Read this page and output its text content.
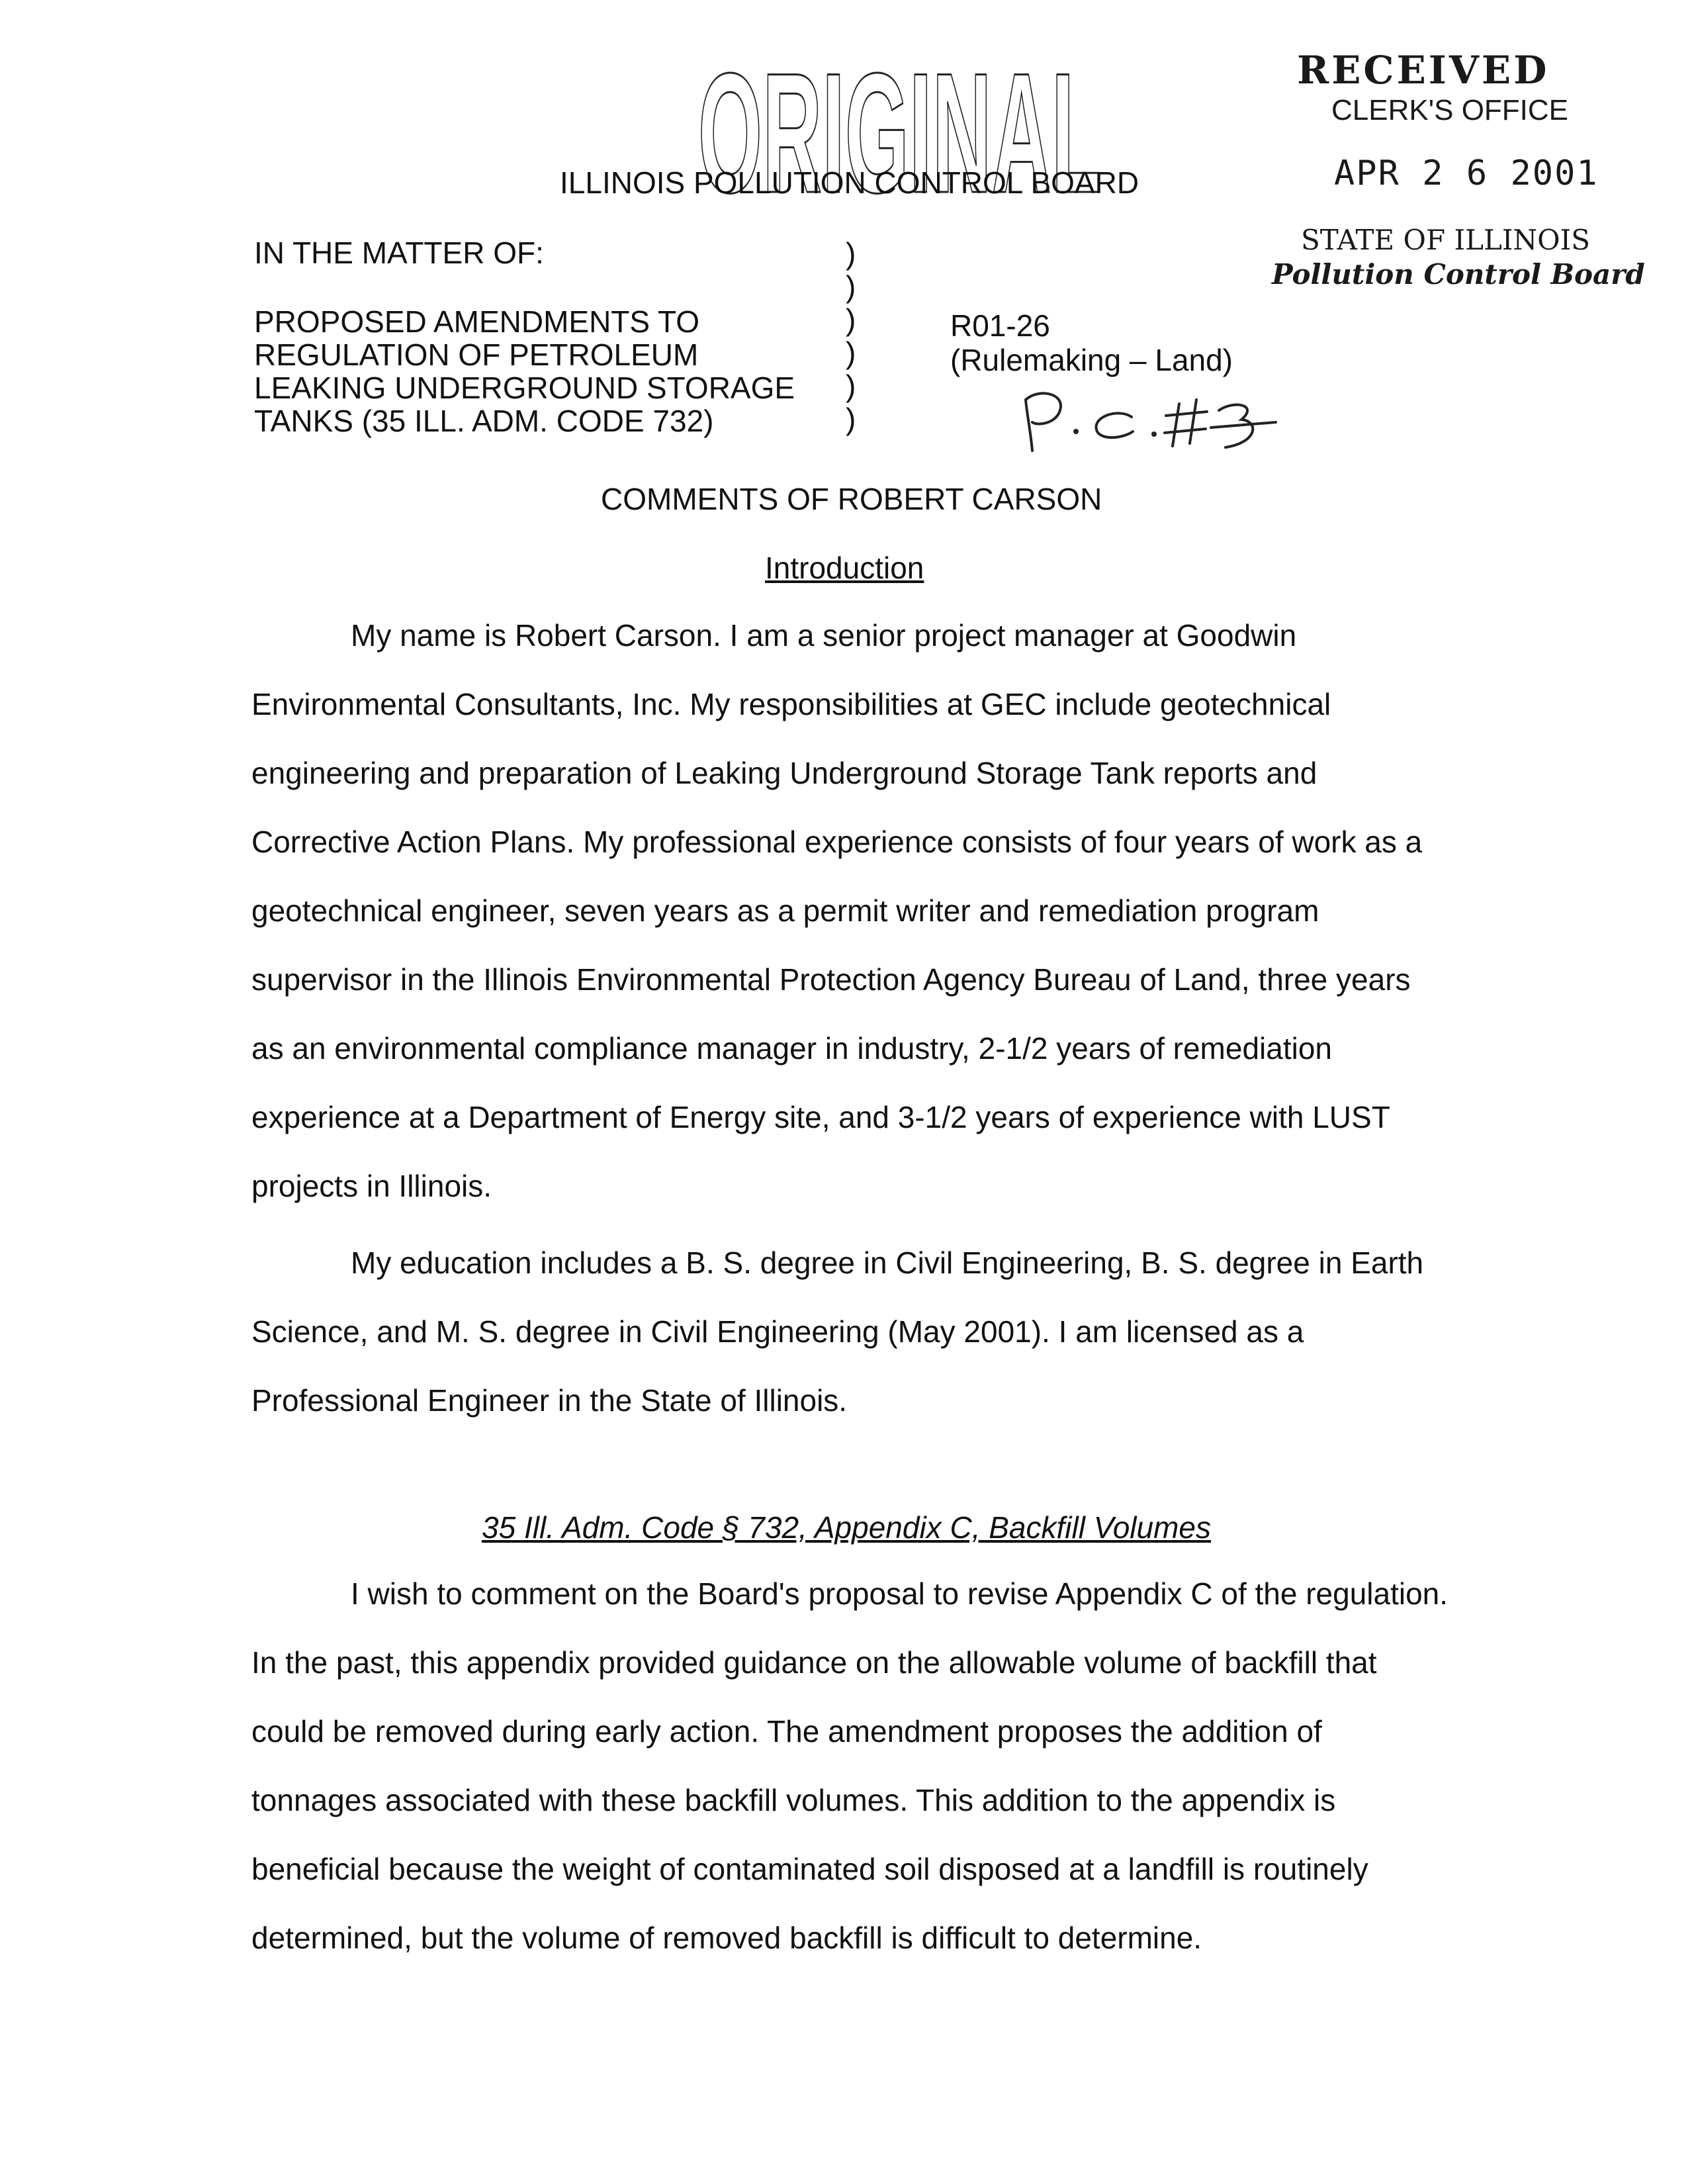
ORIGINAL
ILLINOIS POLLUTION CONTROL BOARD
RECEIVED
CLERK'S OFFICE
APR 2 6 2001
STATE OF ILLINOIS
Pollution Control Board
IN THE MATTER OF:
PROPOSED AMENDMENTS TO
REGULATION OF PETROLEUM
LEAKING UNDERGROUND STORAGE
TANKS (35 ILL. ADM. CODE 732)
)
)
)
)
)
)
R01-26
(Rulemaking – Land)
COMMENTS OF ROBERT CARSON
Introduction
My name is Robert Carson. I am a senior project manager at Goodwin Environmental Consultants, Inc. My responsibilities at GEC include geotechnical engineering and preparation of Leaking Underground Storage Tank reports and Corrective Action Plans. My professional experience consists of four years of work as a geotechnical engineer, seven years as a permit writer and remediation program supervisor in the Illinois Environmental Protection Agency Bureau of Land, three years as an environmental compliance manager in industry, 2-1/2 years of remediation experience at a Department of Energy site, and 3-1/2 years of experience with LUST projects in Illinois.
My education includes a B. S. degree in Civil Engineering, B. S. degree in Earth Science, and M. S. degree in Civil Engineering (May 2001). I am licensed as a Professional Engineer in the State of Illinois.
35 Ill. Adm. Code § 732, Appendix C, Backfill Volumes
I wish to comment on the Board's proposal to revise Appendix C of the regulation. In the past, this appendix provided guidance on the allowable volume of backfill that could be removed during early action. The amendment proposes the addition of tonnages associated with these backfill volumes. This addition to the appendix is beneficial because the weight of contaminated soil disposed at a landfill is routinely determined, but the volume of removed backfill is difficult to determine.
